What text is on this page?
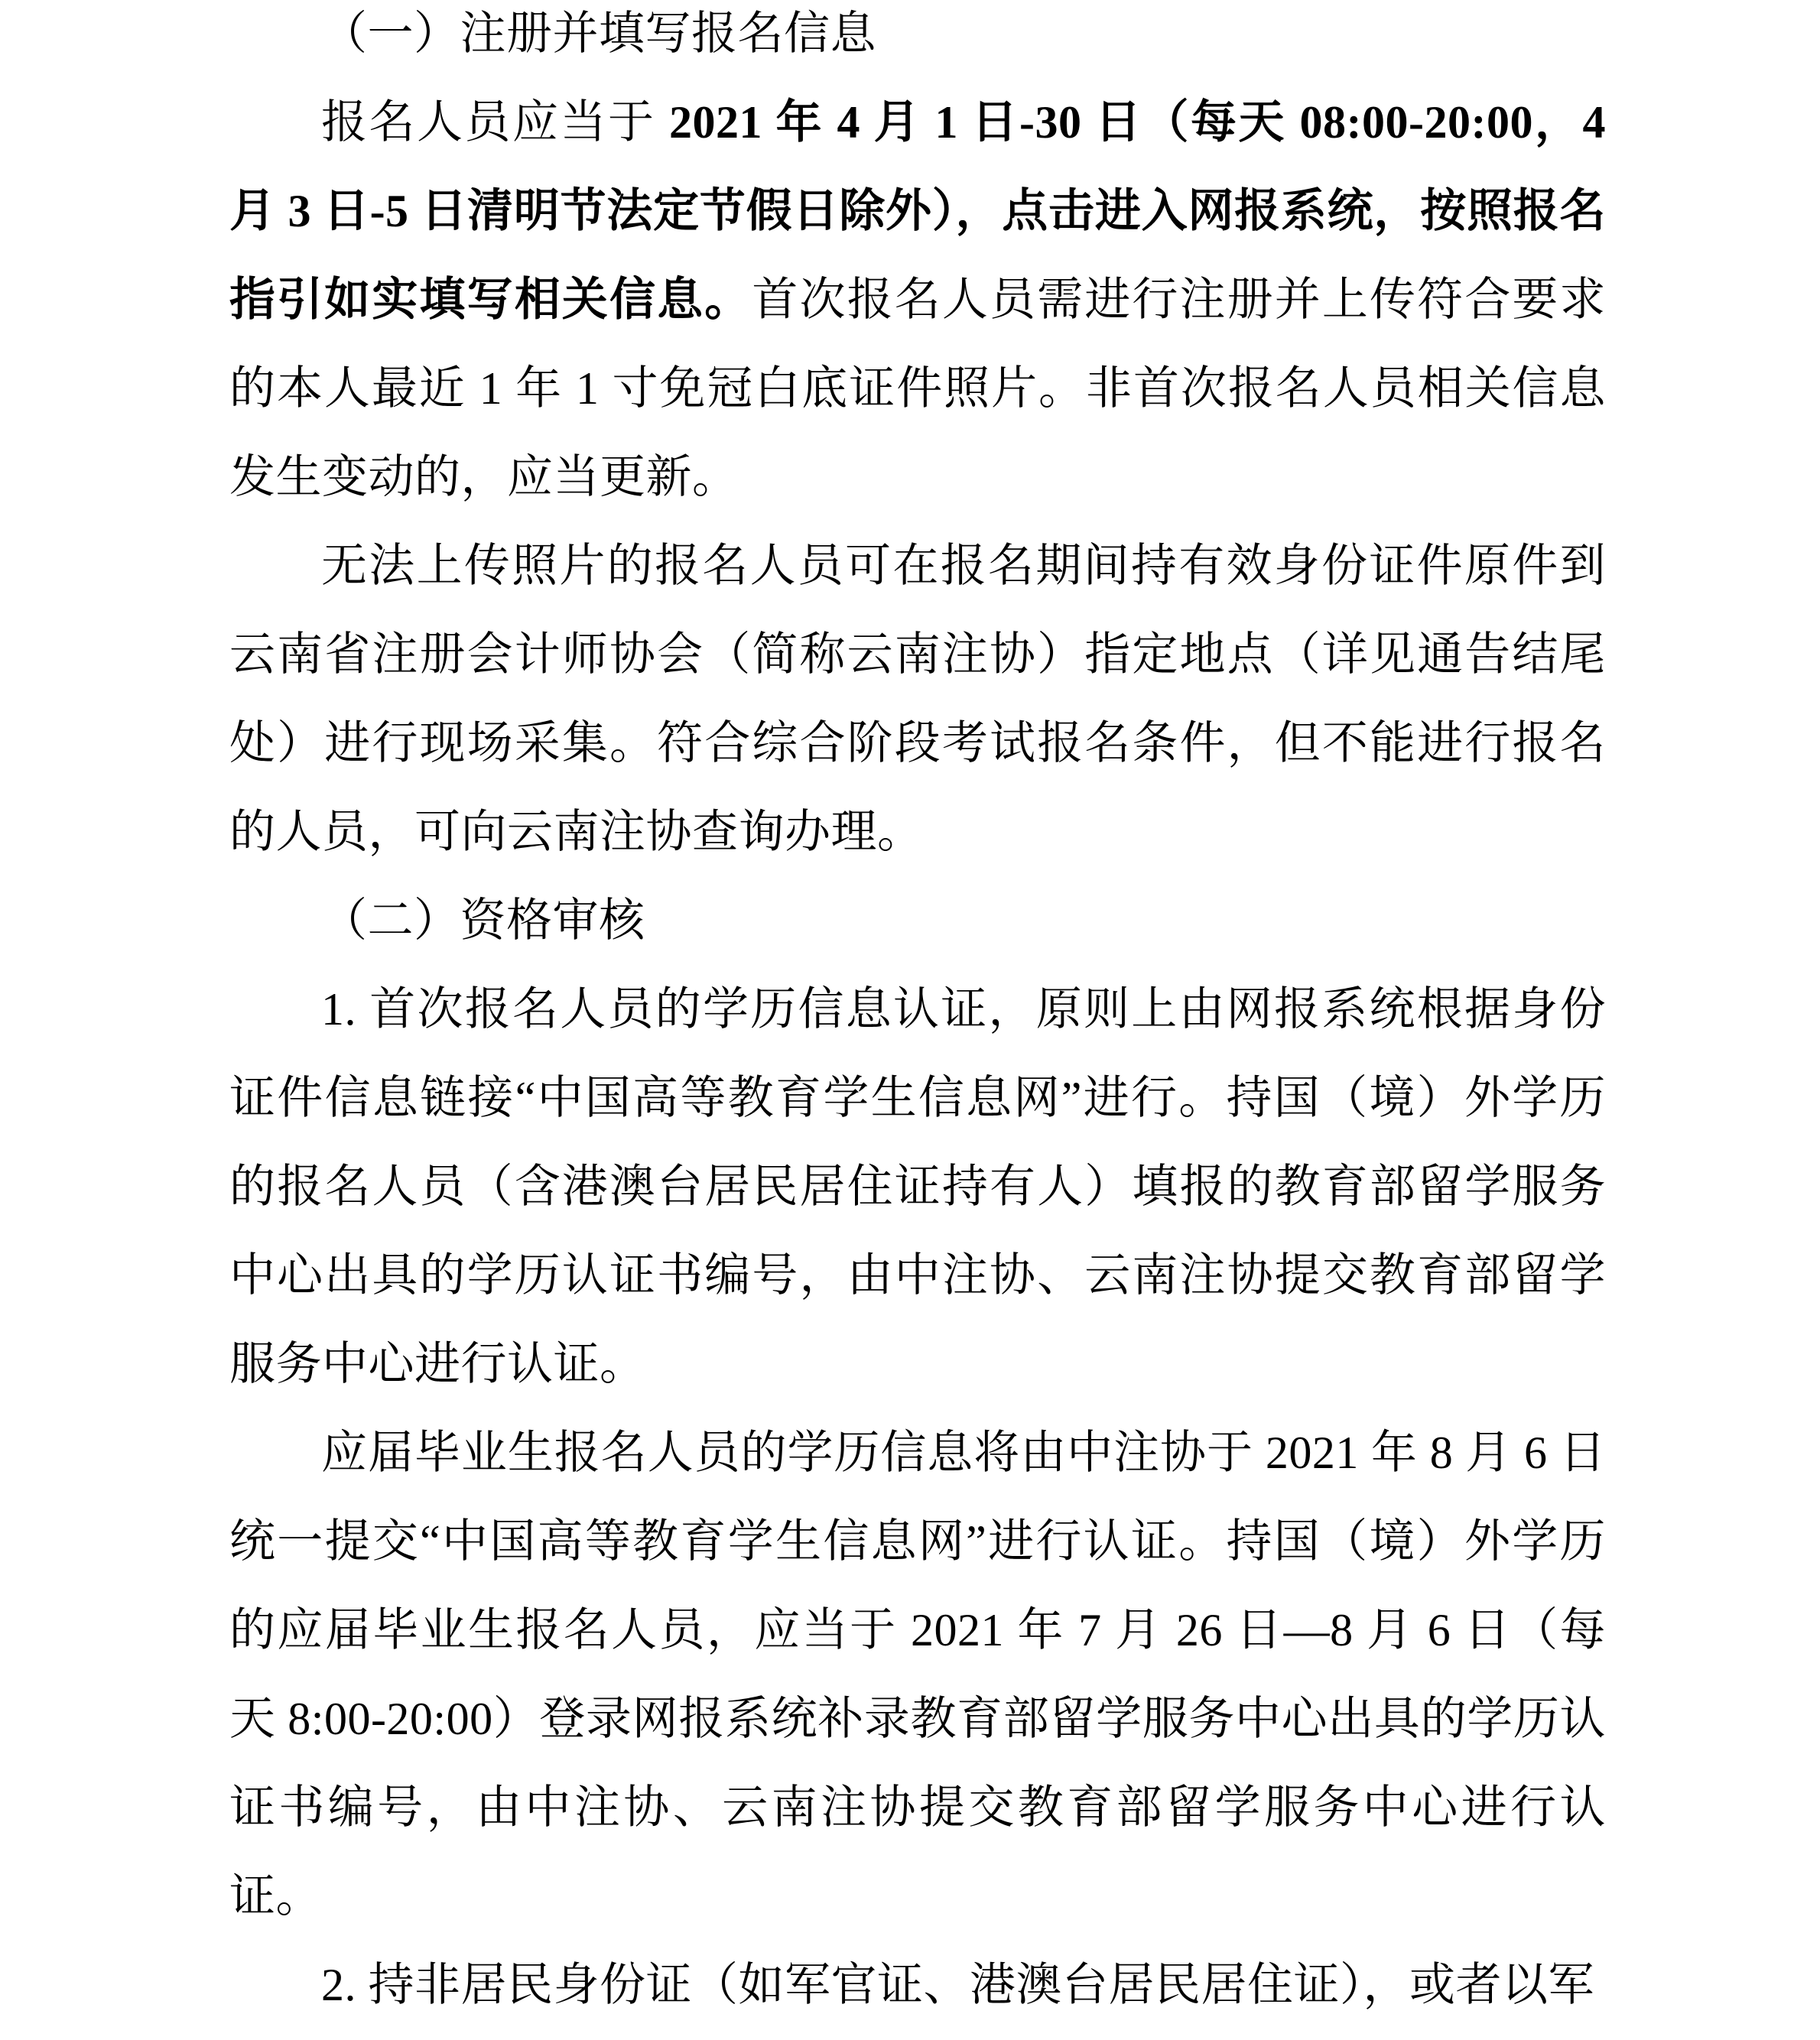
（一）注册并填写报名信息

报名人员应当于 2021 年 4 月 1 日-30 日（每天 08:00-20:00，4 月 3 日-5 日清明节法定节假日除外），点击进入网报系统，按照报名指引如实填写相关信息。首次报名人员需进行注册并上传符合要求的本人最近 1 年 1 寸免冠白底证件照片。非首次报名人员相关信息发生变动的，应当更新。

无法上传照片的报名人员可在报名期间持有效身份证件原件到云南省注册会计师协会（简称云南注协）指定地点（详见通告结尾处）进行现场采集。符合综合阶段考试报名条件，但不能进行报名的人员，可向云南注协查询办理。

（二）资格审核

1. 首次报名人员的学历信息认证，原则上由网报系统根据身份证件信息链接“中国高等教育学生信息网”进行。持国（境）外学历的报名人员（含港澳台居民居住证持有人）填报的教育部留学服务中心出具的学历认证书编号，由中注协、云南注协提交教育部留学服务中心进行认证。

应届毕业生报名人员的学历信息将由中注协于 2021 年 8 月 6 日统一提交“中国高等教育学生信息网”进行认证。持国（境）外学历的应届毕业生报名人员，应当于 2021 年 7 月 26 日—8 月 6 日（每天 8:00-20:00）登录网报系统补录教育部留学服务中心出具的学历认证书编号，由中注协、云南注协提交教育部留学服务中心进行认证。

2. 持非居民身份证（如军官证、港澳台居民居住证），或者以军
